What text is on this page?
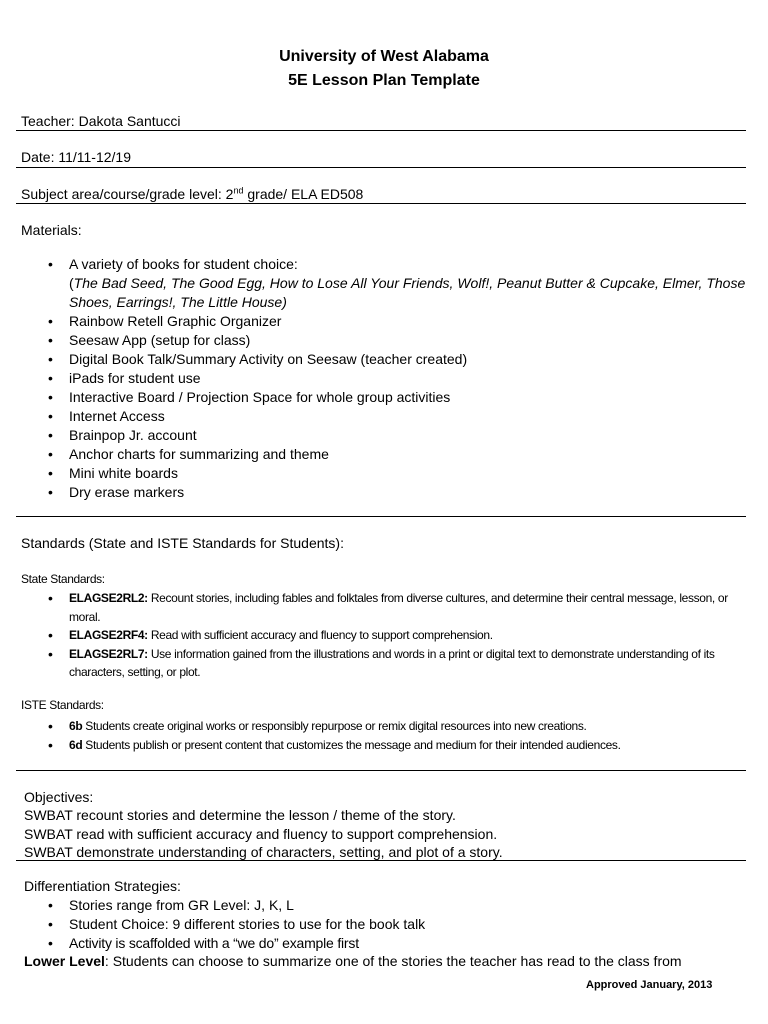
University of West Alabama
5E Lesson Plan Template
Teacher: Dakota Santucci
Date: 11/11-12/19
Subject area/course/grade level: 2nd grade/ ELA ED508
Materials:
• A variety of books for student choice:
(The Bad Seed, The Good Egg, How to Lose All Your Friends, Wolf!, Peanut Butter & Cupcake, Elmer, Those Shoes, Earrings!, The Little House)
• Rainbow Retell Graphic Organizer
• Seesaw App (setup for class)
• Digital Book Talk/Summary Activity on Seesaw (teacher created)
• iPads for student use
• Interactive Board / Projection Space for whole group activities
• Internet Access
• Brainpop Jr. account
• Anchor charts for summarizing and theme
• Mini white boards
• Dry erase markers
Standards (State and ISTE Standards for Students):
State Standards:
• ELAGSE2RL2: Recount stories, including fables and folktales from diverse cultures, and determine their central message, lesson, or moral.
• ELAGSE2RF4: Read with sufficient accuracy and fluency to support comprehension.
• ELAGSE2RL7: Use information gained from the illustrations and words in a print or digital text to demonstrate understanding of its characters, setting, or plot.
ISTE Standards:
• 6b Students create original works or responsibly repurpose or remix digital resources into new creations.
• 6d Students publish or present content that customizes the message and medium for their intended audiences.
Objectives:
SWBAT recount stories and determine the lesson / theme of the story.
SWBAT read with sufficient accuracy and fluency to support comprehension.
SWBAT demonstrate understanding of characters, setting, and plot of a story.
Differentiation Strategies:
• Stories range from GR Level: J, K, L
• Student Choice: 9 different stories to use for the book talk
• Activity is scaffolded with a “we do” example first
Lower Level: Students can choose to summarize one of the stories the teacher has read to the class from
Approved January, 2013
